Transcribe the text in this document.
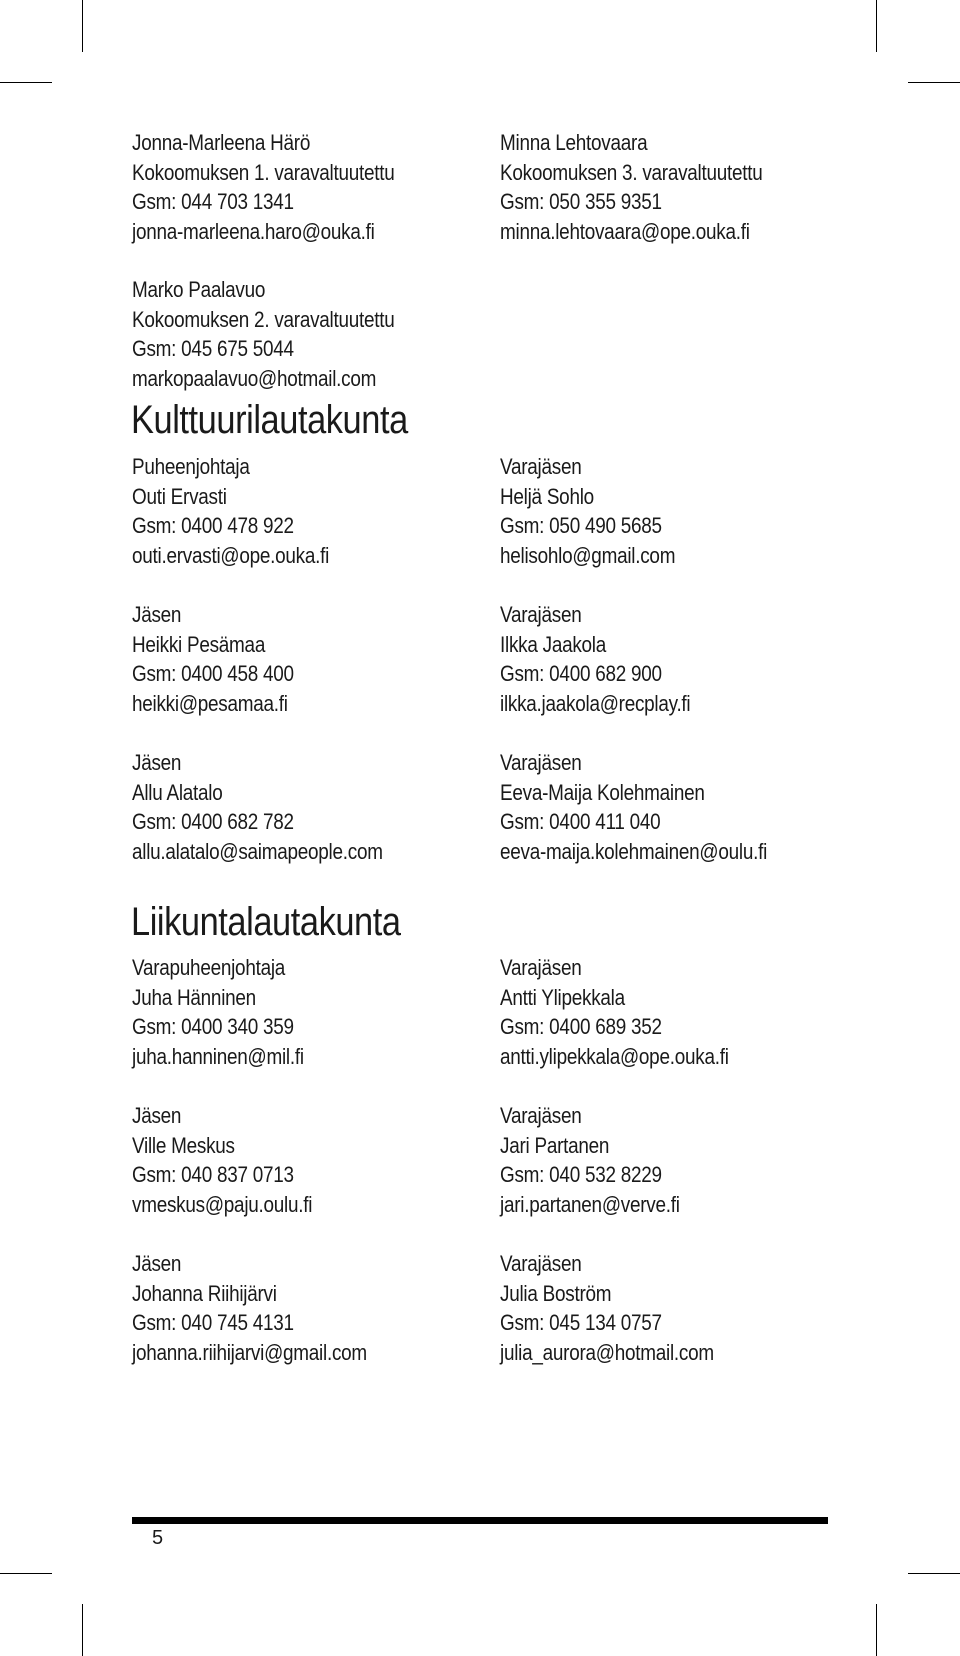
Jonna-Marleena Härö
Kokoomuksen 1. varavaltuutettu
Gsm: 044 703 1341
jonna-marleena.haro@ouka.fi
Minna Lehtovaara
Kokoomuksen 3. varavaltuutettu
Gsm: 050 355 9351
minna.lehtovaara@ope.ouka.fi
Marko Paalavuo
Kokoomuksen 2. varavaltuutettu
Gsm: 045 675 5044
markopaalavuo@hotmail.com
Kulttuurilautakunta
Puheenjohtaja
Outi Ervasti
Gsm: 0400 478 922
outi.ervasti@ope.ouka.fi
Varajäsen
Heljä Sohlo
Gsm: 050 490 5685
helisohlo@gmail.com
Jäsen
Heikki Pesämaa
Gsm: 0400 458 400
heikki@pesamaa.fi
Varajäsen
Ilkka Jaakola
Gsm: 0400 682 900
ilkka.jaakola@recplay.fi
Jäsen
Allu Alatalo
Gsm: 0400 682 782
allu.alatalo@saimapeople.com
Varajäsen
Eeva-Maija Kolehmainen
Gsm: 0400 411 040
eeva-maija.kolehmainen@oulu.fi
Liikuntalautakunta
Varapuheenjohtaja
Juha Hänninen
Gsm: 0400 340 359
juha.hanninen@mil.fi
Varajäsen
Antti Ylipekkala
Gsm: 0400 689 352
antti.ylipekkala@ope.ouka.fi
Jäsen
Ville Meskus
Gsm: 040 837 0713
vmeskus@paju.oulu.fi
Varajäsen
Jari Partanen
Gsm: 040 532 8229
jari.partanen@verve.fi
Jäsen
Johanna Riihijärvi
Gsm: 040 745 4131
johanna.riihijarvi@gmail.com
Varajäsen
Julia Boström
Gsm: 045 134 0757
julia_aurora@hotmail.com
5
